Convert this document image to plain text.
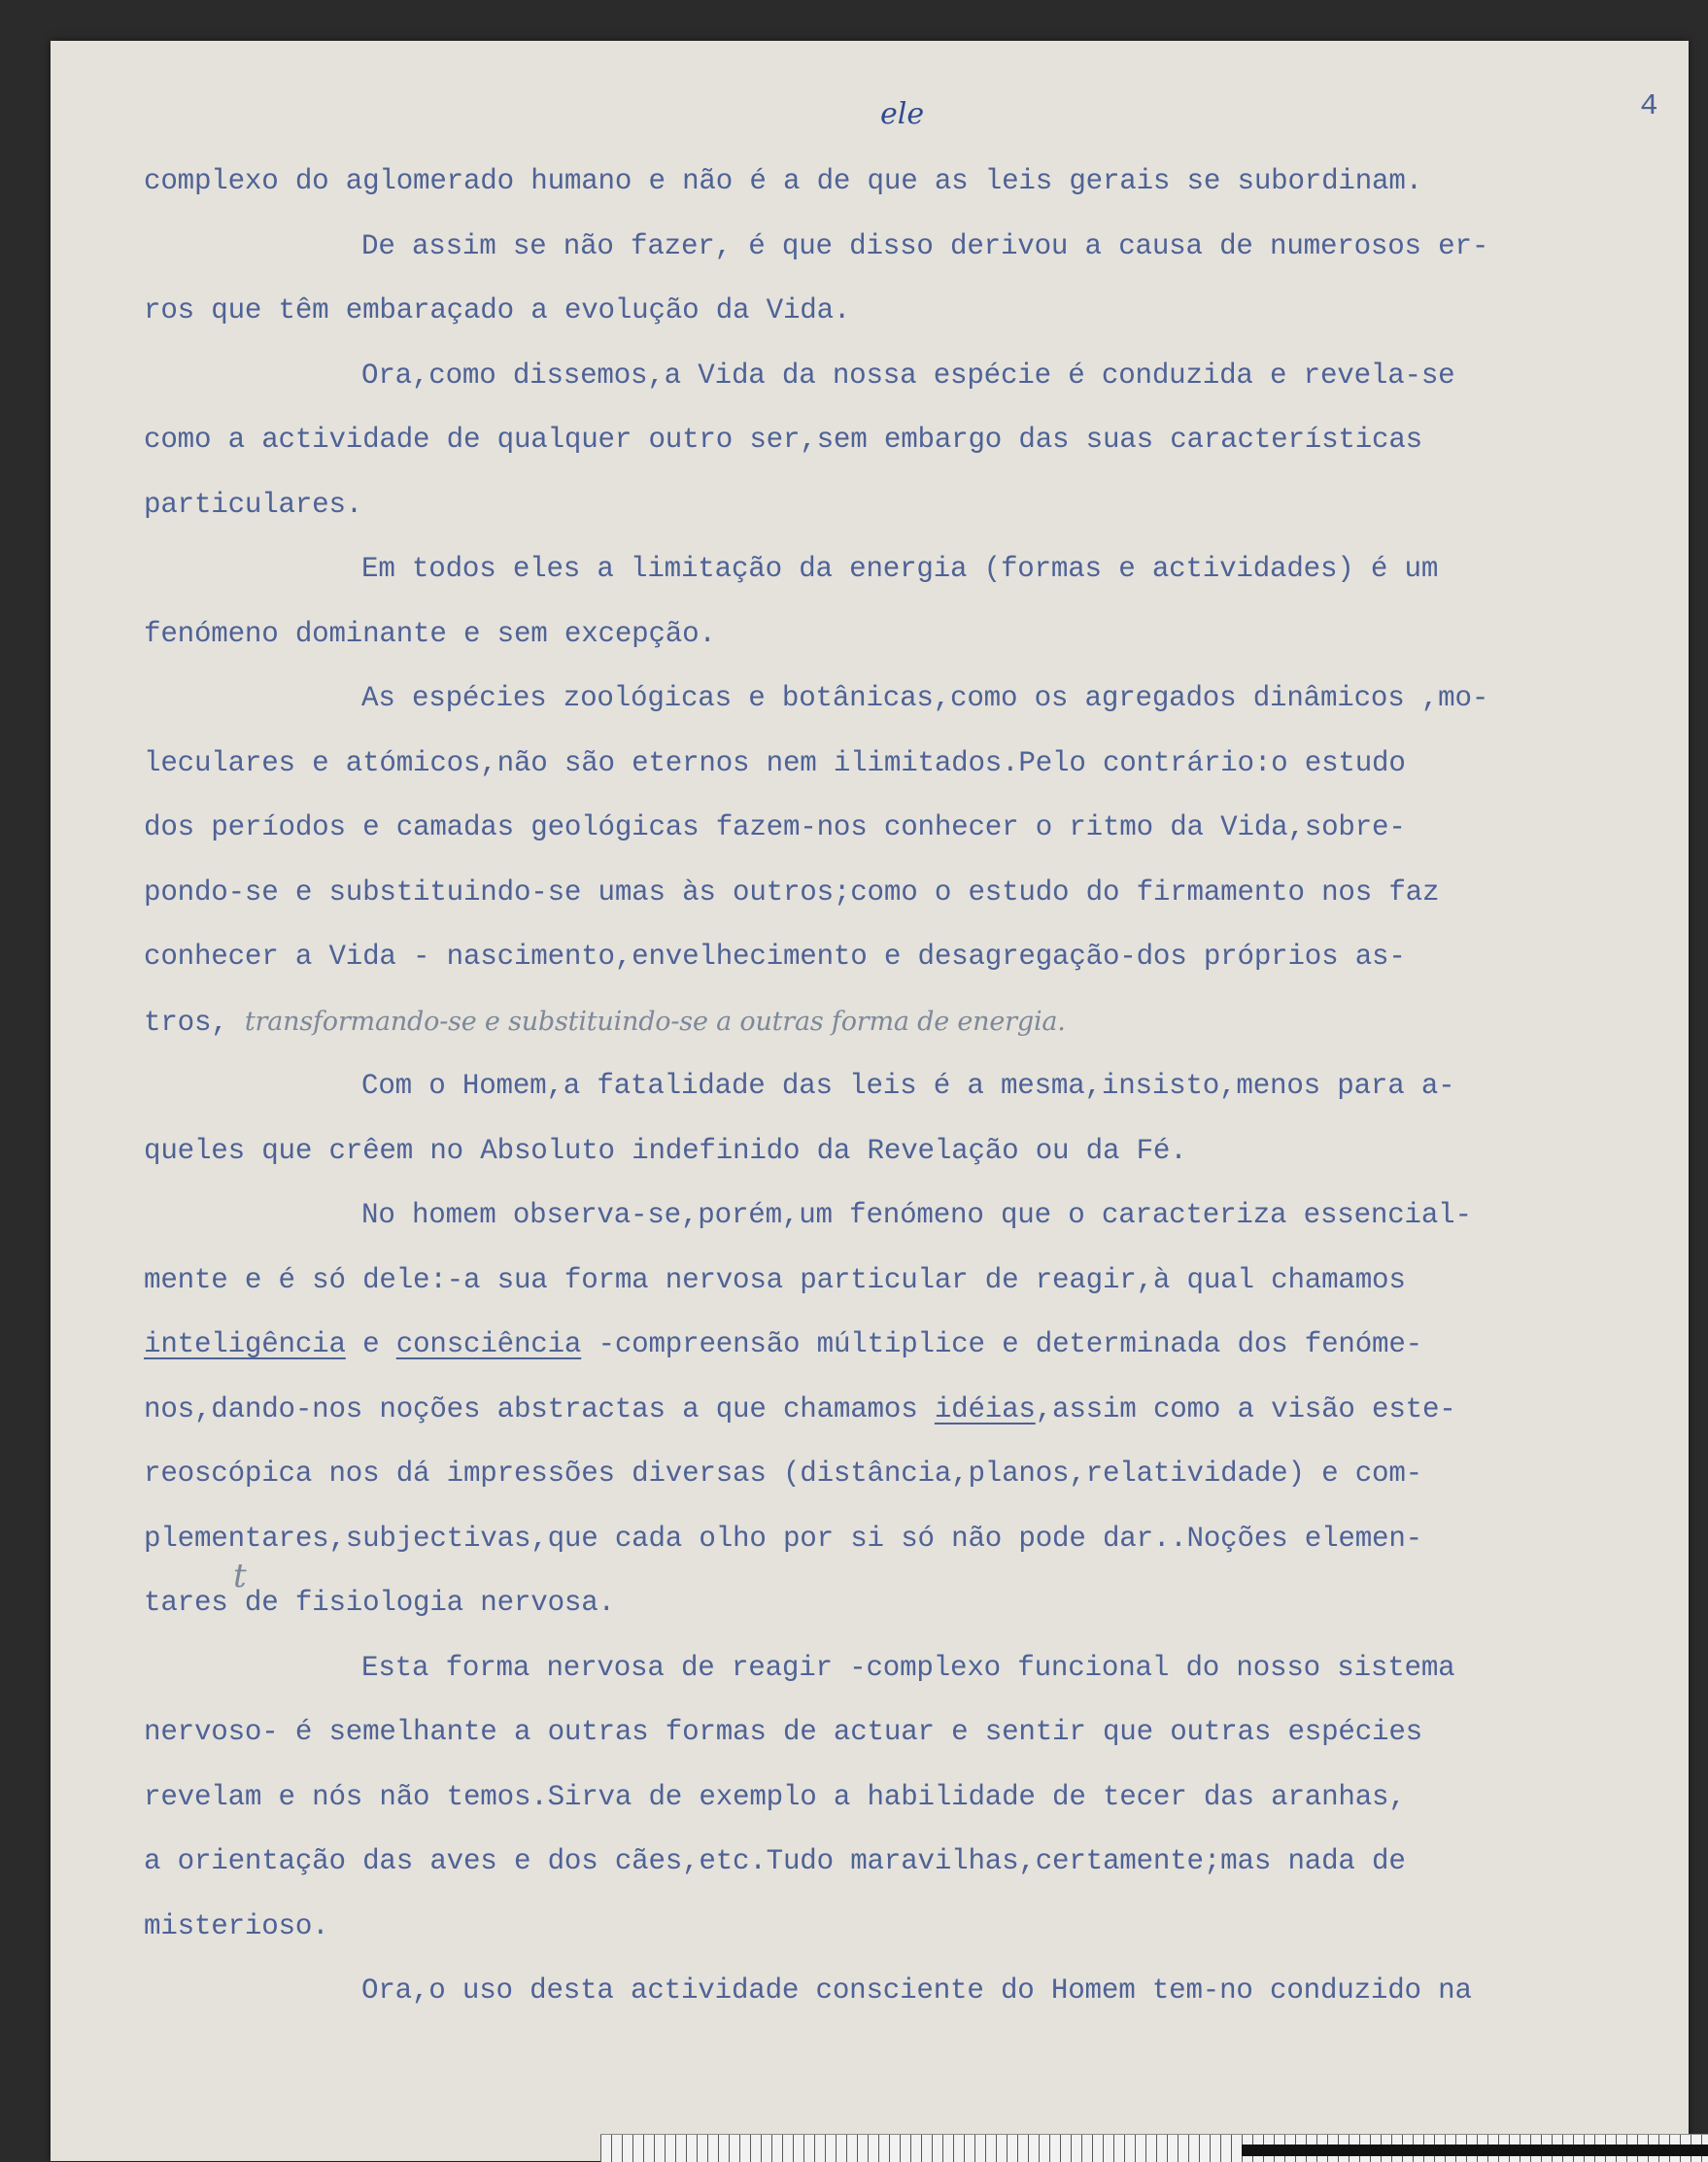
4
ele
complexo do aglomerado humano e não é a de que as leis gerais se subordinam.
De assim se não fazer, é que disso derivou a causa de numerosos er-
ros que têm embaraçado a evolução da Vida.
Ora,como dissemos,a Vida da nossa espécie é conduzida e revela-se
como a actividade de qualquer outro ser,sem embargo das suas características
particulares.
Em todos eles a limitação da energia (formas e actividades) é um
fenómeno dominante e sem excepção.
As espécies zoológicas e botânicas,como os agregados dinâmicos ,mo-
leculares e atómicos,não são eternos nem ilimitados.Pelo contrário:o estudo
dos períodos e camadas geológicas fazem-nos conhecer o ritmo da Vida,sobre-
pondo-se e substituindo-se umas às outros;como o estudo do firmamento nos faz
conhecer a Vida - nascimento,envelhecimento e desagregação-dos próprios as-
tros, transformando-se e substituindo-se a outras forma de energia.
Com o Homem,a fatalidade das leis é a mesma,insisto,menos para a-
queles que crêem no Absoluto indefinido da Revelação ou da Fé.
No homem observa-se,porém,um fenómeno que o caracteriza essencial-
mente e é só dele:-a sua forma nervosa particular de reagir,à qual chamamos
inteligência e consciência -compreensão múltiplice e determinada dos fenóme-
nos,dando-nos noções abstractas a que chamamos idéias,assim como a visão este-
reoscópica nos dá impressões diversas (distância,planos,relatividade) e com-
plementares,subjectivas,que cada olho por si só não pode dar..Noções elemen-
tares de fisiologia nervosa.
Esta forma nervosa de reagir -complexo funcional do nosso sistema
nervoso- é semelhante a outras formas de actuar e sentir que outras espécies
revelam e nós não temos.Sirva de exemplo a habilidade de tecer das aranhas,
a orientação das aves e dos cães,etc.Tudo maravilhas,certamente;mas nada de
misterioso.
Ora,o uso desta actividade consciente do Homem tem-no conduzido na
t
